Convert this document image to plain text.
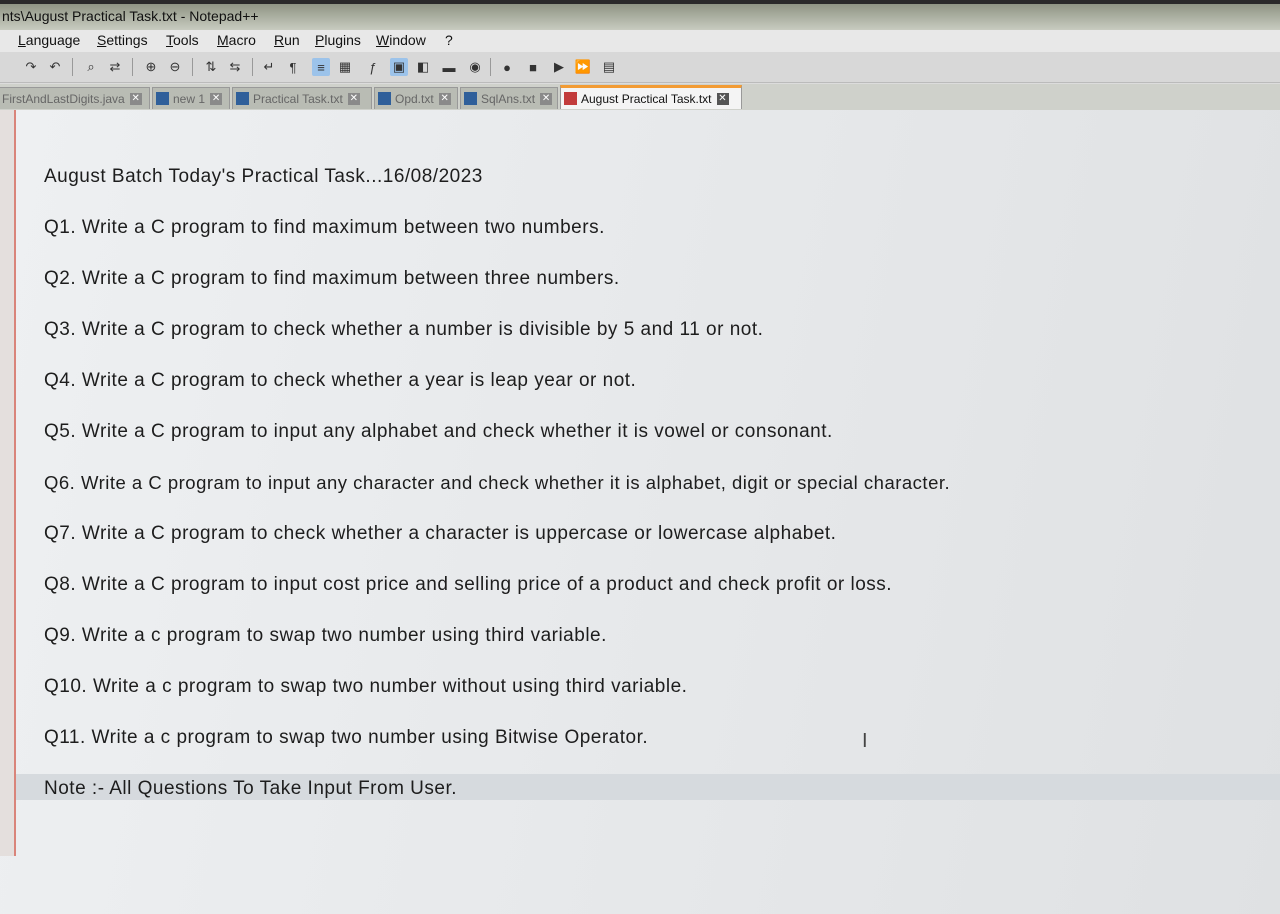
nts\August Practical Task.txt - Notepad++
Language Settings Tools Macro Run Plugins Window ?
↷ ↶	⌕	⇄ ⊕ ⊖ ⇅ ⇆ ↵	¶	≡	▦	ƒ	▣ ◧ ▬ ◉	●	■	▶ ⏩ ▤
FirstAndLastDigits.java ✕	new 1 ✕	Practical Task.txt ✕	Opd.txt ✕	SqlAns.txt ✕	August Practical Task.txt ✕
August Batch Today's Practical Task...16/08/2023
Q1. Write a C program to find maximum between two numbers.
Q2. Write a C program to find maximum between three numbers.
Q3. Write a C program to check whether a number is divisible by 5 and 11 or not.
Q4. Write a C program to check whether a year is leap year or not.
Q5. Write a C program to input any alphabet and check whether it is vowel or consonant.
Q6. Write a C program to input any character and check whether it is alphabet, digit or special character.
Q7. Write a C program to check whether a character is uppercase or lowercase alphabet.
Q8. Write a C program to input cost price and selling price of a product and check profit or loss.
Q9. Write a c program to swap two number using third variable.
Q10. Write a c program to swap two number without using third variable.
Q11. Write a c program to swap two number using Bitwise Operator.
Note :- All Questions To Take Input From User.
I
